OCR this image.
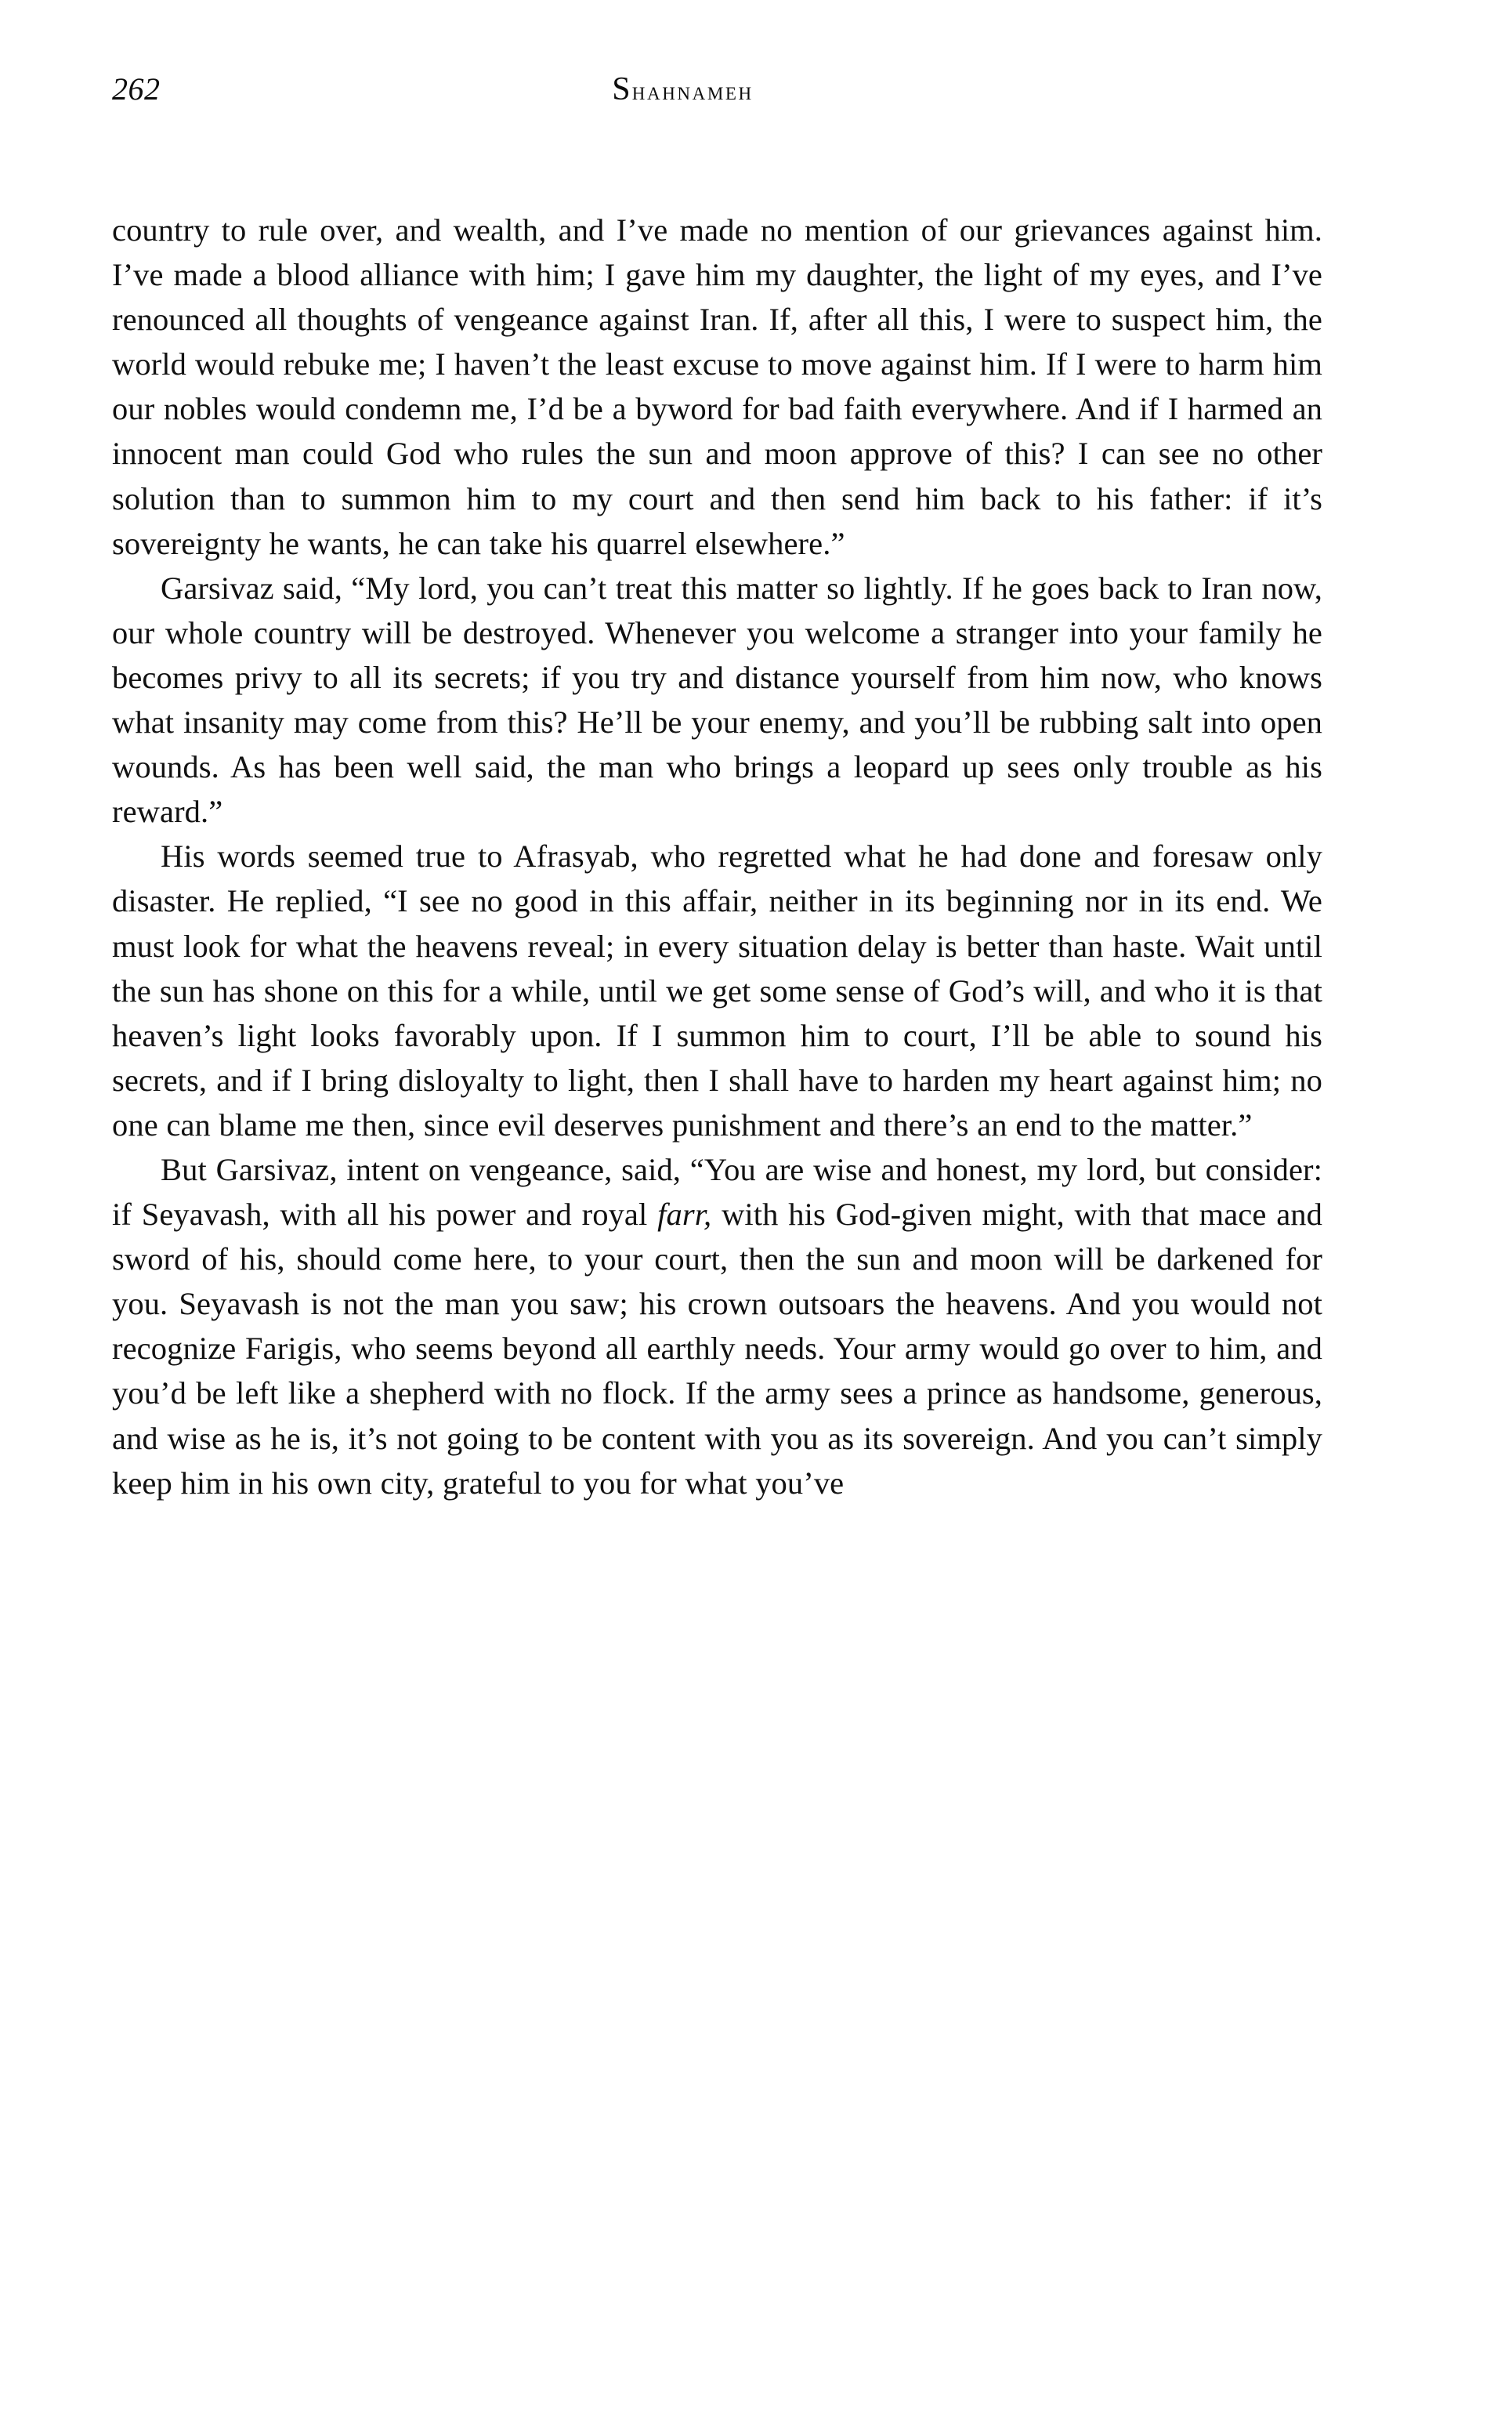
262	Shahnameh

country to rule over, and wealth, and I’ve made no mention of our grievances against him. I’ve made a blood alliance with him; I gave him my daughter, the light of my eyes, and I’ve renounced all thoughts of vengeance against Iran. If, after all this, I were to suspect him, the world would rebuke me; I haven’t the least excuse to move against him. If I were to harm him our nobles would condemn me, I’d be a byword for bad faith everywhere. And if I harmed an innocent man could God who rules the sun and moon approve of this? I can see no other solution than to summon him to my court and then send him back to his father: if it’s sovereignty he wants, he can take his quarrel elsewhere.”

Garsivaz said, “My lord, you can’t treat this matter so lightly. If he goes back to Iran now, our whole country will be destroyed. Whenever you welcome a stranger into your family he becomes privy to all its secrets; if you try and distance yourself from him now, who knows what insanity may come from this? He’ll be your enemy, and you’ll be rubbing salt into open wounds. As has been well said, the man who brings a leopard up sees only trouble as his reward.”

His words seemed true to Afrasyab, who regretted what he had done and foresaw only disaster. He replied, “I see no good in this affair, neither in its beginning nor in its end. We must look for what the heavens reveal; in every situation delay is better than haste. Wait until the sun has shone on this for a while, until we get some sense of God’s will, and who it is that heaven’s light looks favorably upon. If I summon him to court, I’ll be able to sound his secrets, and if I bring disloyalty to light, then I shall have to harden my heart against him; no one can blame me then, since evil deserves punishment and there’s an end to the matter.”

But Garsivaz, intent on vengeance, said, “You are wise and honest, my lord, but consider: if Seyavash, with all his power and royal farr, with his God-given might, with that mace and sword of his, should come here, to your court, then the sun and moon will be darkened for you. Seyavash is not the man you saw; his crown outsoars the heavens. And you would not recognize Farigis, who seems beyond all earthly needs. Your army would go over to him, and you’d be left like a shepherd with no flock. If the army sees a prince as handsome, generous, and wise as he is, it’s not going to be content with you as its sovereign. And you can’t simply keep him in his own city, grateful to you for what you’ve
